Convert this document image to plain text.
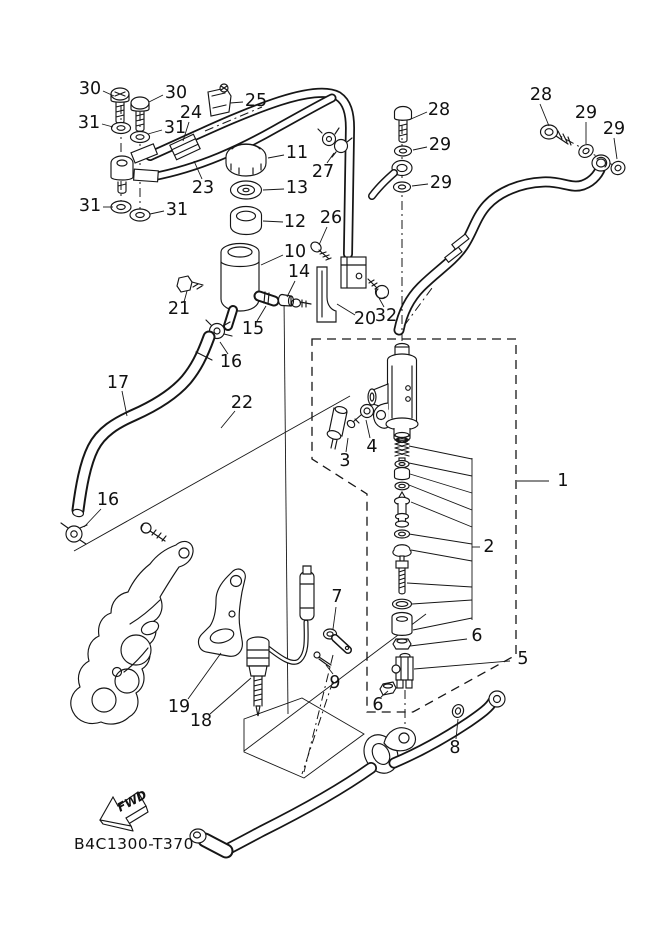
FWD
B4C1300-T370
30	30
31	31
31	31
24
25
23
11
13
12
10
14
15
21
16
16
17
22
20
32
26
27
28
29
29
28
29
29
1
2
3
4
5
6
6
7
8
9
18
19
